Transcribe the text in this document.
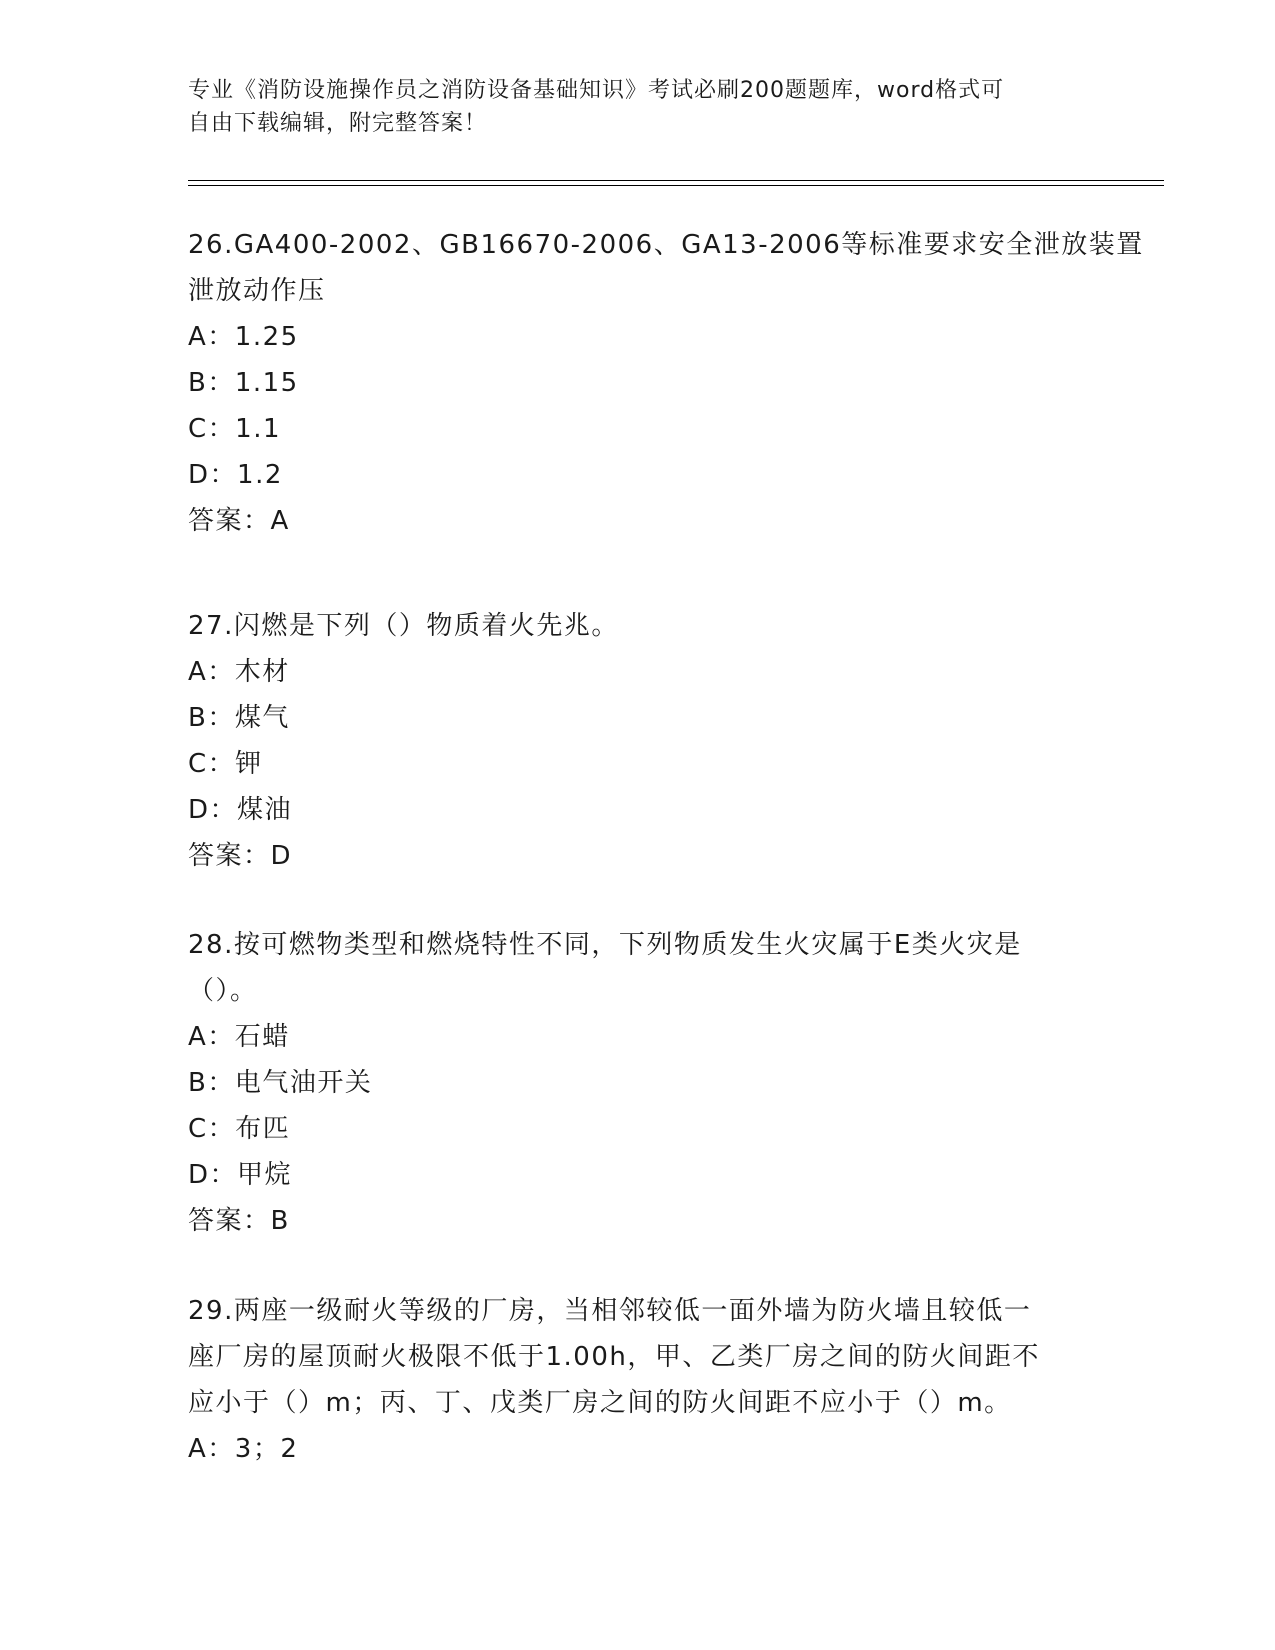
专业《消防设施操作员之消防设备基础知识》考试必刷200题题库，word格式可
自由下载编辑，附完整答案！
26.GA400-2002、GB16670-2006、GA13-2006等标准要求安全泄放装置
泄放动作压
A：1.25
B：1.15
C：1.1
D：1.2
答案：A
27.闪燃是下列（）物质着火先兆。
A：木材
B：煤气
C：钾
D：煤油
答案：D
28.按可燃物类型和燃烧特性不同，下列物质发生火灾属于E类火灾是
（）。
A：石蜡
B：电气油开关
C：布匹
D：甲烷
答案：B
29.两座一级耐火等级的厂房，当相邻较低一面外墙为防火墙且较低一
座厂房的屋顶耐火极限不低于1.00h，甲、乙类厂房之间的防火间距不
应小于（）m；丙、丁、戊类厂房之间的防火间距不应小于（）m。
A：3；2
